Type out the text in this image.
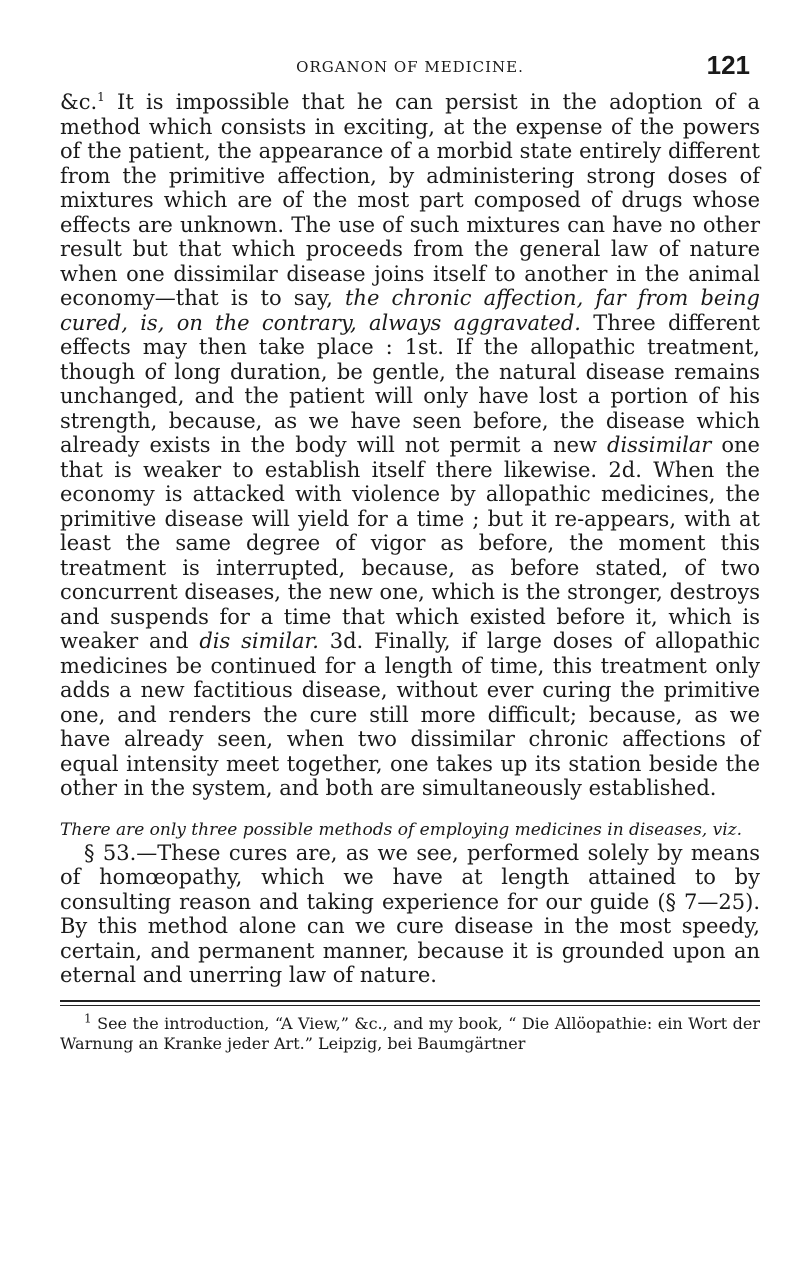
ORGANON OF MEDICINE.	121

&c.$^1$ It is impossible that he can persist in the adoption of a method which consists in exciting, at the expense of the powers of the patient, the appearance of a morbid state entirely different from the primitive affection, by administering strong doses of mixtures which are of the most part composed of drugs whose effects are unknown. The use of such mixtures can have no other result but that which proceeds from the general law of nature when one dissimilar disease joins itself to another in the animal economy—that is to say, the chronic affection, far from being cured, is, on the contrary, always aggravated. Three different effects may then take place : 1st. If the allopathic treatment, though of long duration, be gentle, the natural disease remains unchanged, and the patient will only have lost a portion of his strength, because, as we have seen before, the disease which already exists in the body will not permit a new dissimilar one that is weaker to establish itself there likewise. 2d. When the economy is attacked with violence by allopathic medicines, the primitive disease will yield for a time ; but it re-appears, with at least the same degree of vigor as before, the moment this treatment is interrupted, because, as before stated, of two concurrent diseases, the new one, which is the stronger, destroys and suspends for a time that which existed before it, which is weaker and dis similar. 3d. Finally, if large doses of allopathic medicines be continued for a length of time, this treatment only adds a new factitious disease, without ever curing the primitive one, and renders the cure still more difficult; because, as we have already seen, when two dissimilar chronic affections of equal intensity meet together, one takes up its station beside the other in the system, and both are simultaneously established.

There are only three possible methods of employing medicines in diseases, viz.

§ 53.—These cures are, as we see, performed solely by means of homœopathy, which we have at length attained to by consulting reason and taking experience for our guide (§ 7—25). By this method alone can we cure disease in the most speedy, certain, and permanent manner, because it is grounded upon an eternal and unerring law of nature.

$^1$ See the introduction, “A View,” &c., and my book, “ Die Allöopathie: ein Wort der Warnung an Kranke jeder Art.” Leipzig, bei Baumgärtner
